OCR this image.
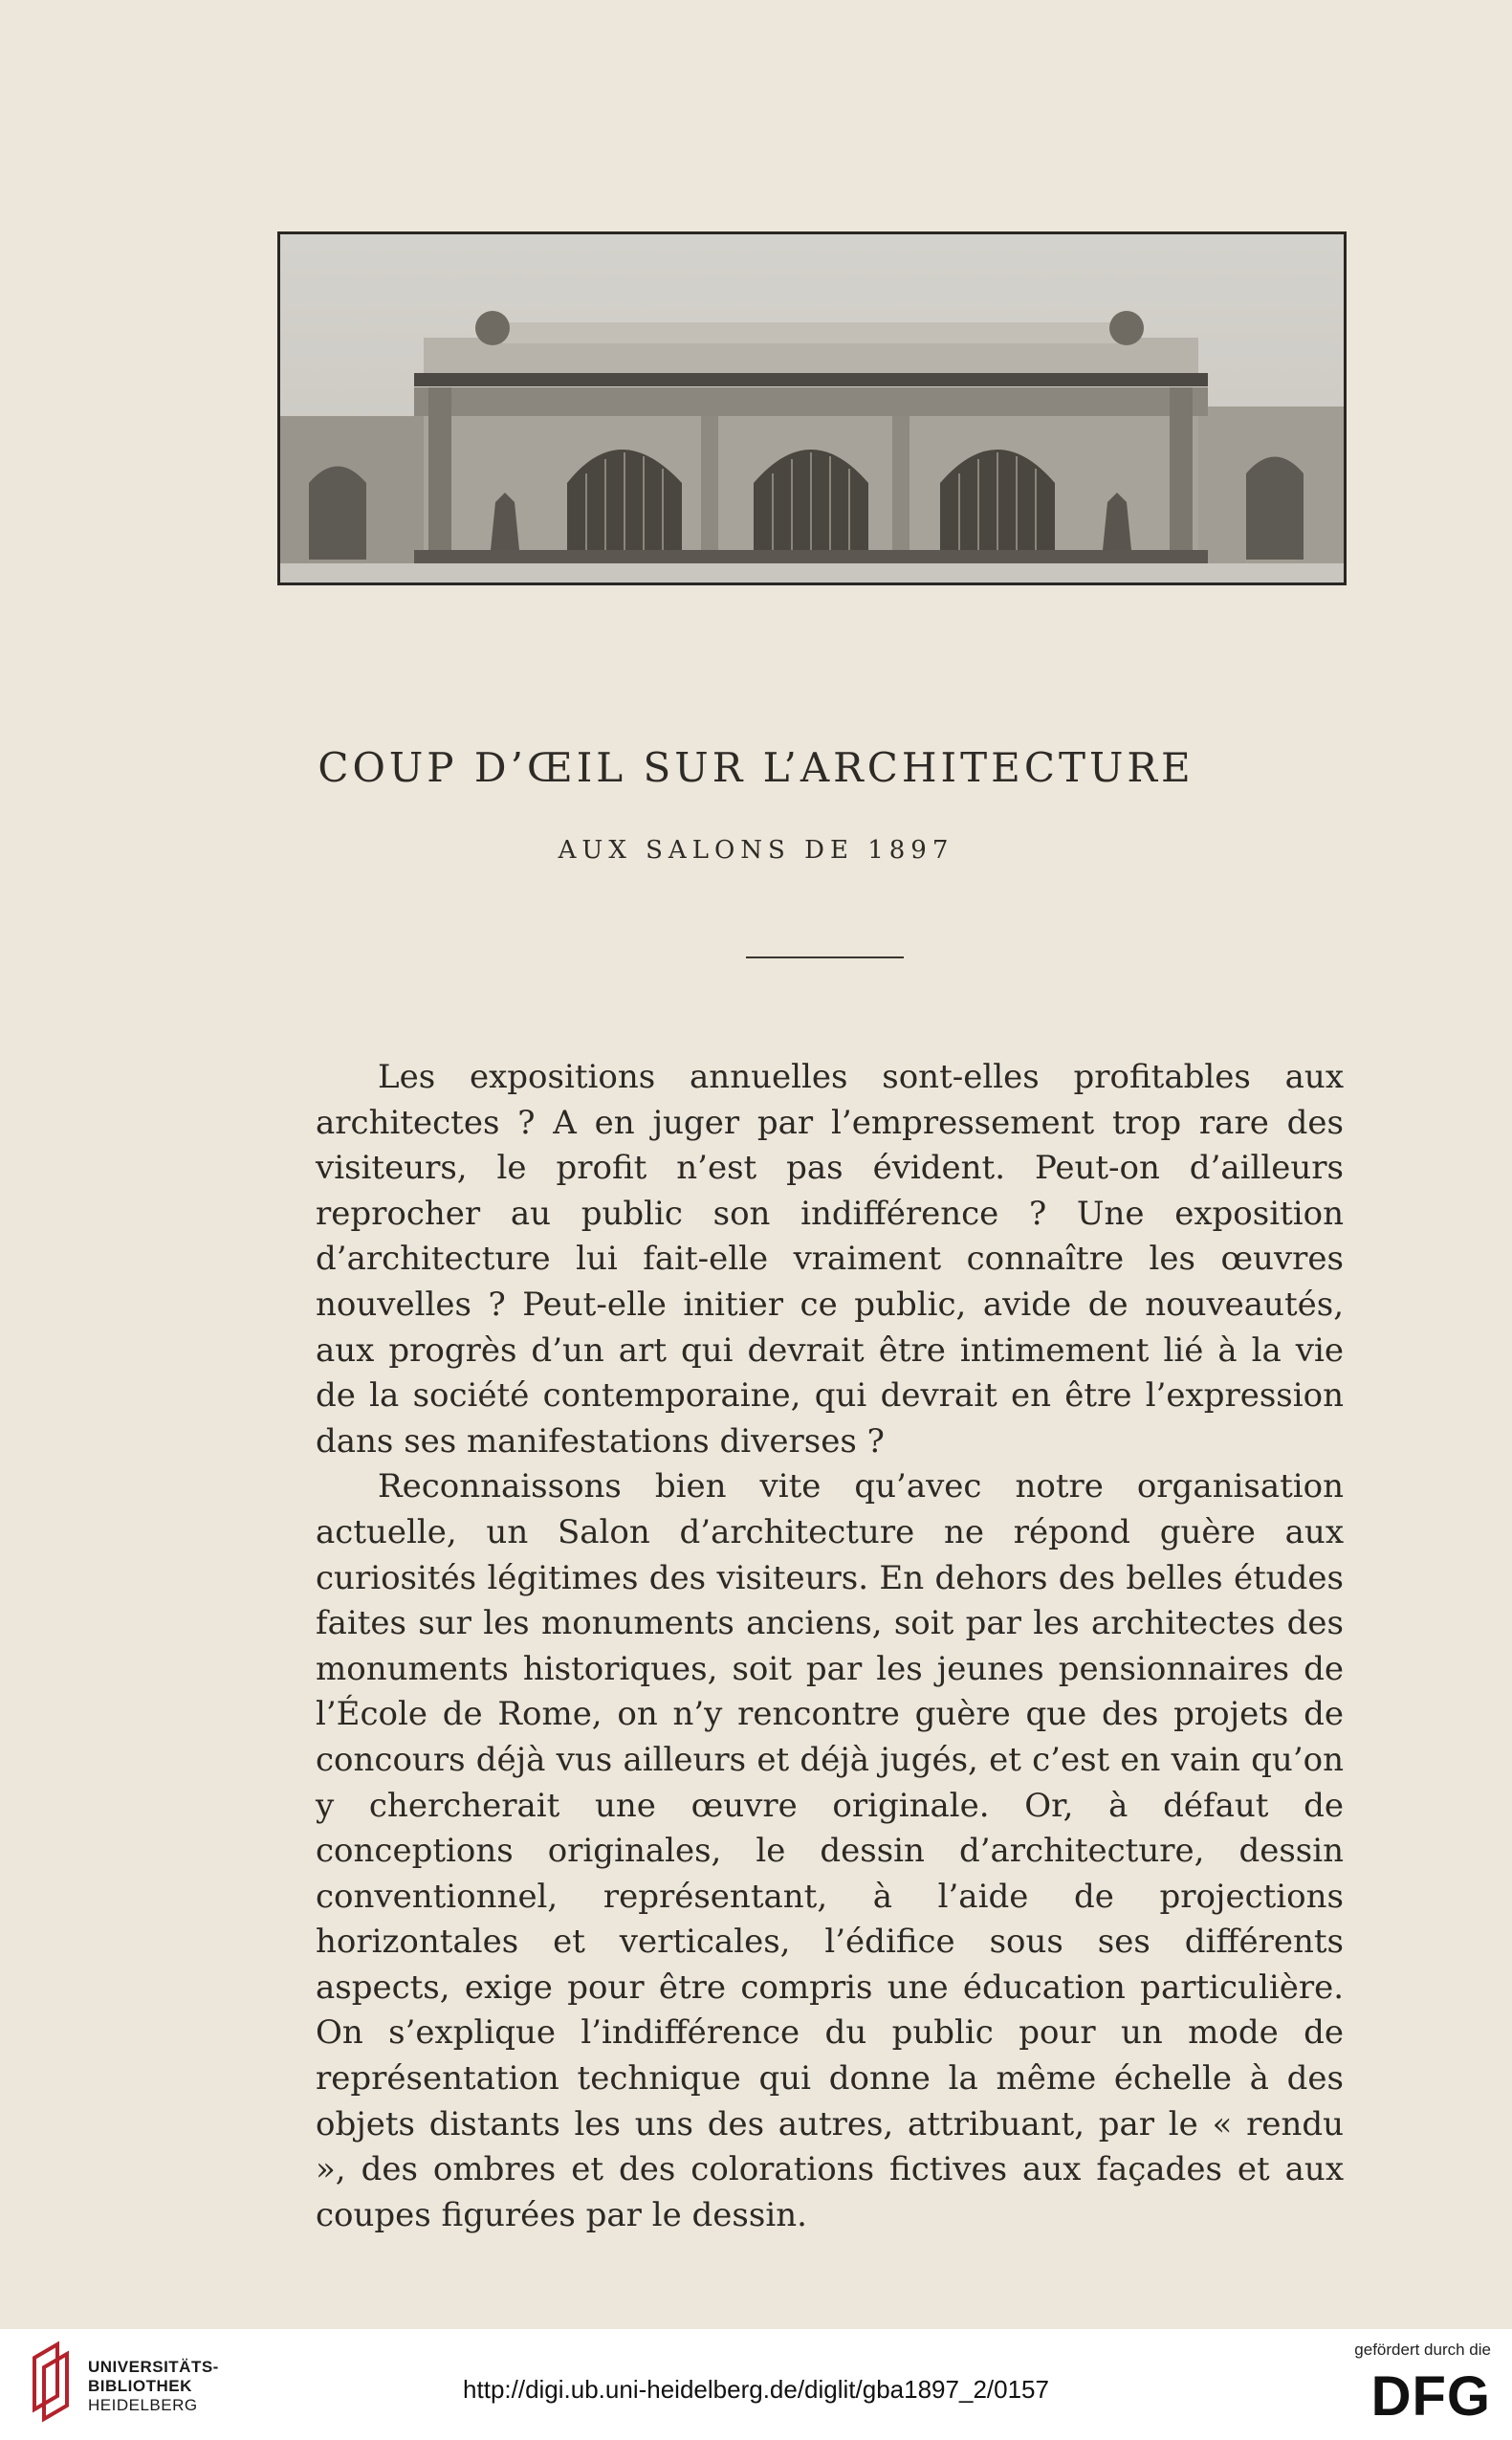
COUP D’ŒIL SUR L’ARCHITECTURE
AUX SALONS DE 1897

Les expositions annuelles sont-elles profitables aux architectes ? A en juger par l’empressement trop rare des visiteurs, le profit n’est pas évident. Peut-on d’ailleurs reprocher au public son indifférence ? Une exposition d’architecture lui fait-elle vraiment connaître les œuvres nouvelles ? Peut-elle initier ce public, avide de nouveautés, aux progrès d’un art qui devrait être intimement lié à la vie de la société contemporaine, qui devrait en être l’expression dans ses manifestations diverses ?

Reconnaissons bien vite qu’avec notre organisation actuelle, un Salon d’architecture ne répond guère aux curiosités légitimes des visiteurs. En dehors des belles études faites sur les monuments anciens, soit par les architectes des monuments historiques, soit par les jeunes pensionnaires de l’École de Rome, on n’y rencontre guère que des projets de concours déjà vus ailleurs et déjà jugés, et c’est en vain qu’on y chercherait une œuvre originale. Or, à défaut de conceptions originales, le dessin d’architecture, dessin conventionnel, représentant, à l’aide de projections horizontales et verticales, l’édifice sous ses différents aspects, exige pour être compris une éducation particulière. On s’explique l’indifférence du public pour un mode de représentation technique qui donne la même échelle à des objets distants les uns des autres, attribuant, par le « rendu », des ombres et des colorations fictives aux façades et aux coupes figurées par le dessin.

UNIVERSITÄTS-
BIBLIOTHEK
HEIDELBERG
http://digi.ub.uni-heidelberg.de/diglit/gba1897_2/0157
gefördert durch die
DFG
